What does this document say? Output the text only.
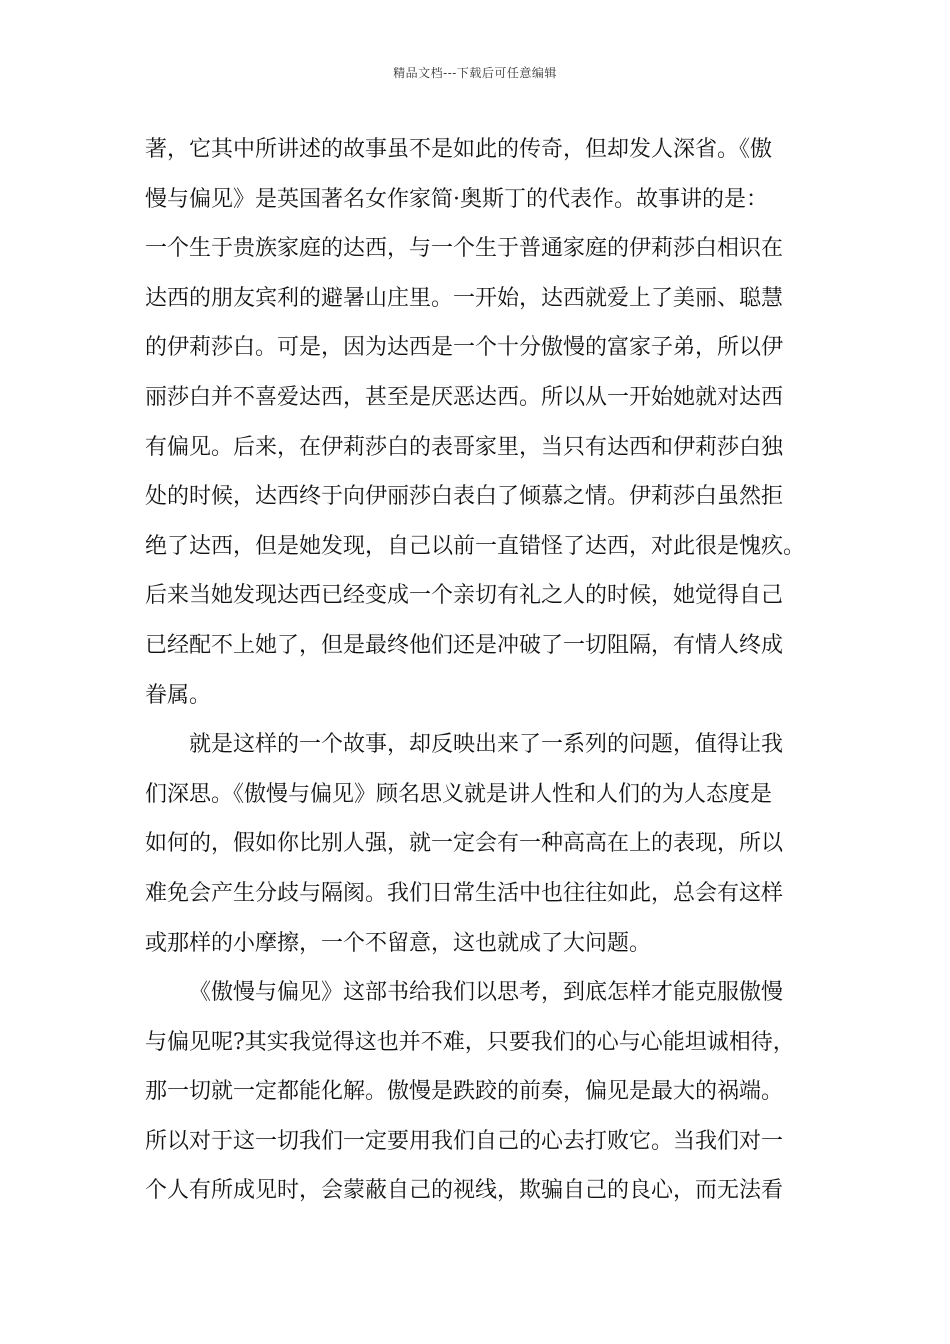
精品文档---下载后可任意编辑
著，它其中所讲述的故事虽不是如此的传奇，但却发人深省。《傲
慢与偏见》是英国著名女作家简·奥斯丁的代表作。故事讲的是：
一个生于贵族家庭的达西，与一个生于普通家庭的伊莉莎白相识在
达西的朋友宾利的避暑山庄里。一开始，达西就爱上了美丽、聪慧
的伊莉莎白。可是，因为达西是一个十分傲慢的富家子弟，所以伊
丽莎白并不喜爱达西，甚至是厌恶达西。所以从一开始她就对达西
有偏见。后来，在伊莉莎白的表哥家里，当只有达西和伊莉莎白独
处的时候，达西终于向伊丽莎白表白了倾慕之情。伊莉莎白虽然拒
绝了达西，但是她发现，自己以前一直错怪了达西，对此很是愧疚。
后来当她发现达西已经变成一个亲切有礼之人的时候，她觉得自己
已经配不上她了，但是最终他们还是冲破了一切阻隔，有情人终成
眷属。
就是这样的一个故事，却反映出来了一系列的问题，值得让我
们深思。《傲慢与偏见》顾名思义就是讲人性和人们的为人态度是
如何的，假如你比别人强，就一定会有一种高高在上的表现，所以
难免会产生分歧与隔阂。我们日常生活中也往往如此，总会有这样
或那样的小摩擦，一个不留意，这也就成了大问题。
《傲慢与偏见》这部书给我们以思考，到底怎样才能克服傲慢
与偏见呢?其实我觉得这也并不难，只要我们的心与心能坦诚相待，
那一切就一定都能化解。傲慢是跌跤的前奏，偏见是最大的祸端。
所以对于这一切我们一定要用我们自己的心去打败它。当我们对一
个人有所成见时，会蒙蔽自己的视线，欺骗自己的良心，而无法看
